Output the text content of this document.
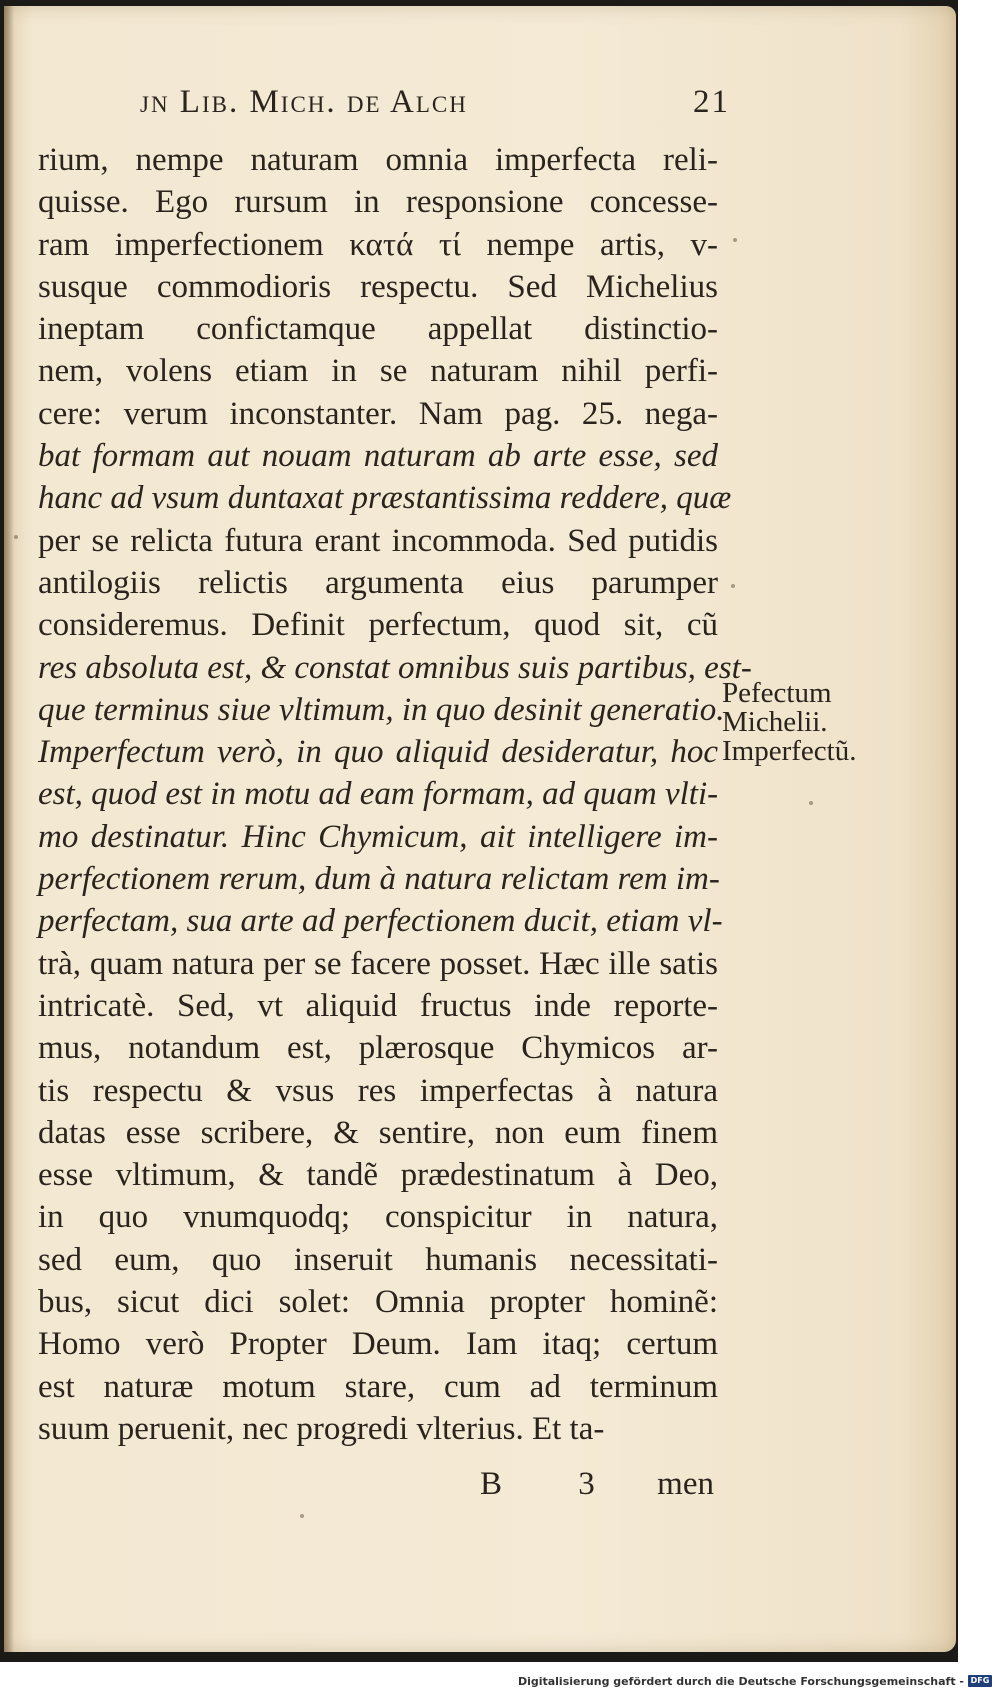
jn Lib. Mich. de Alch	21
rium, nempe naturam omnia imperfecta reli-
quisse. Ego rursum in responsione concesse-
ram imperfectionem κατά τί nempe artis, v-
susque commodioris respectu. Sed Michelius
ineptam confictamque appellat distinctio-
nem, volens etiam in se naturam nihil perfi-
cere: verum inconstanter. Nam pag. 25. nega-
bat formam aut nouam naturam ab arte esse, sed
hanc ad vsum duntaxat præstantissima reddere, quæ
per se relicta futura erant incommoda. Sed putidis
antilogiis relictis argumenta eius parumper
consideremus. Definit perfectum, quod sit, cũ
res absoluta est, & constat omnibus suis partibus, est-
que terminus siue vltimum, in quo desinit generatio.
Imperfectum verò, in quo aliquid desideratur, hoc
est, quod est in motu ad eam formam, ad quam vlti-
mo destinatur. Hinc Chymicum, ait intelligere im-
perfectionem rerum, dum à natura relictam rem im-
perfectam, sua arte ad perfectionem ducit, etiam vl-
trà, quam natura per se facere posset. Hæc ille satis
intricatè. Sed, vt aliquid fructus inde reporte-
mus, notandum est, plærosque Chymicos ar-
tis respectu & vsus res imperfectas à natura
datas esse scribere, & sentire, non eum finem
esse vltimum, & tandẽ prædestinatum à Deo,
in quo vnumquodq; conspicitur in natura,
sed eum, quo inseruit humanis necessitati-
bus, sicut dici solet: Omnia propter hominẽ:
Homo verò Propter Deum. Iam itaq; certum
est naturæ motum stare, cum ad terminum
suum peruenit, nec progredi vlterius. Et ta-
Pefectum
Michelii.
Imperfectũ.
B 3 men
Digitalisierung gefördert durch die Deutsche Forschungsgemeinschaft - DFG
